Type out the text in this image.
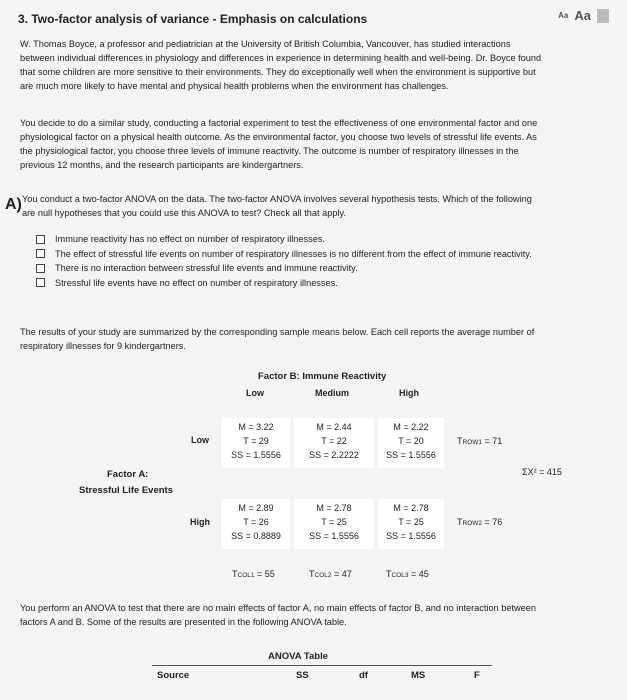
3. Two-factor analysis of variance - Emphasis on calculations	Aa Aa
W. Thomas Boyce, a professor and pediatrician at the University of British Columbia, Vancouver, has studied interactions
between individual differences in physiology and differences in experience in determining health and well-being. Dr. Boyce found
that some children are more sensitive to their environments. They do exceptionally well when the environment is supportive but
are much more likely to have mental and physical health problems when the environment has challenges.
You decide to do a similar study, conducting a factorial experiment to test the effectiveness of one environmental factor and one
physiological factor on a physical health outcome. As the environmental factor, you choose two levels of stressful life events. As
the physiological factor, you choose three levels of immune reactivity. The outcome is number of respiratory illnesses in the
previous 12 months, and the research participants are kindergartners.
A) You conduct a two-factor ANOVA on the data. The two-factor ANOVA involves several hypothesis tests. Which of the following
are null hypotheses that you could use this ANOVA to test? Check all that apply.
Immune reactivity has no effect on number of respiratory illnesses.
The effect of stressful life events on number of respiratory illnesses is no different from the effect of immune reactivity.
There is no interaction between stressful life events and immune reactivity.
Stressful life events have no effect on number of respiratory illnesses.
The results of your study are summarized by the corresponding sample means below. Each cell reports the average number of
respiratory illnesses for 9 kindergartners.
Factor B: Immune Reactivity
Low	Medium	High
Low
M = 3.22
T = 29
SS = 1.5556
M = 2.44
T = 22
SS = 2.2222
M = 2.22
T = 20
SS = 1.5556
TROW1 = 71
Factor A:
Stressful Life Events
ΣX² = 415
High
M = 2.89
T = 26
SS = 0.8889
M = 2.78
T = 25
SS = 1.5556
M = 2.78
T = 25
SS = 1.5556
TROW2 = 76
TCOL1 = 55	TCOL2 = 47	TCOL3 = 45
You perform an ANOVA to test that there are no main effects of factor A, no main effects of factor B, and no interaction between
factors A and B. Some of the results are presented in the following ANOVA table.
ANOVA Table
Source	SS	df	MS	F
